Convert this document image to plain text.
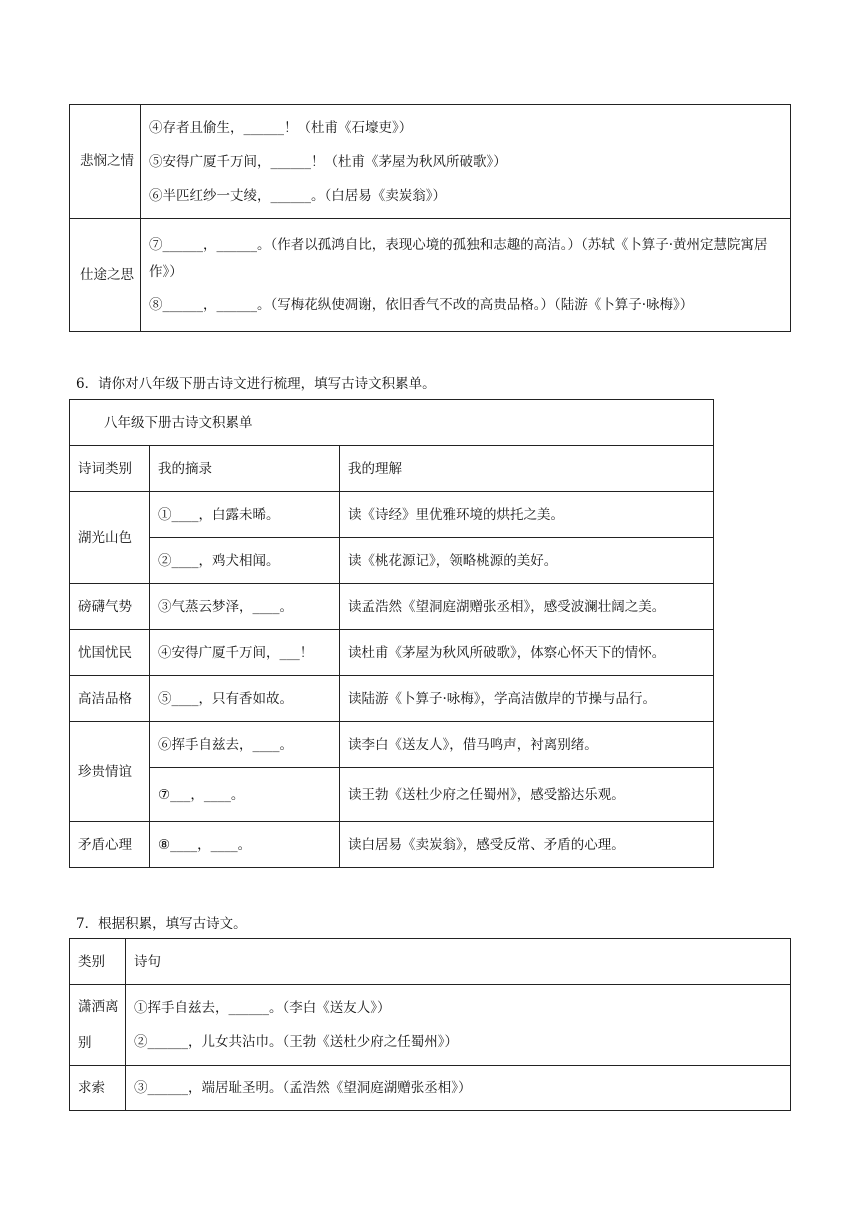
悲悯之情	④存者且偷生，______！（杜甫《石壕吏》）
⑤安得广厦千万间，______！（杜甫《茅屋为秋风所破歌》）
⑥半匹红纱一丈绫，______。（白居易《卖炭翁》）

仕途之思	⑦______，______。（作者以孤鸿自比，表现心境的孤独和志趣的高洁。）（苏轼《卜算子·黄州定慧院寓居作》）
⑧______，______。（写梅花纵使凋谢，依旧香气不改的高贵品格。）（陆游《卜算子·咏梅》）
6．请你对八年级下册古诗文进行梳理，填写古诗文积累单。
八年级下册古诗文积累单		
诗词类别	我的摘录	我的理解
湖光山色	①____，白露未晞。	读《诗经》里优雅环境的烘托之美。
	②____，鸡犬相闻。	读《桃花源记》，领略桃源的美好。
磅礴气势	③气蒸云梦泽，____。	读孟浩然《望洞庭湖赠张丞相》，感受波澜壮阔之美。
忧国忧民	④安得广厦千万间，___！	读杜甫《茅屋为秋风所破歌》，体察心怀天下的情怀。
高洁品格	⑤____，只有香如故。	读陆游《卜算子·咏梅》，学高洁傲岸的节操与品行。
珍贵情谊	⑥挥手自兹去，____。	读李白《送友人》，借马鸣声，衬离别绪。
	⑦___，____。	读王勃《送杜少府之任蜀州》，感受豁达乐观。
矛盾心理	⑧____，____。	读白居易《卖炭翁》，感受反常、矛盾的心理。
7．根据积累，填写古诗文。
类别	诗句
潇洒离别	①挥手自兹去，______。（李白《送友人》）
②______，儿女共沾巾。（王勃《送杜少府之任蜀州》）

求索	③______，端居耻圣明。（孟浩然《望洞庭湖赠张丞相》）
